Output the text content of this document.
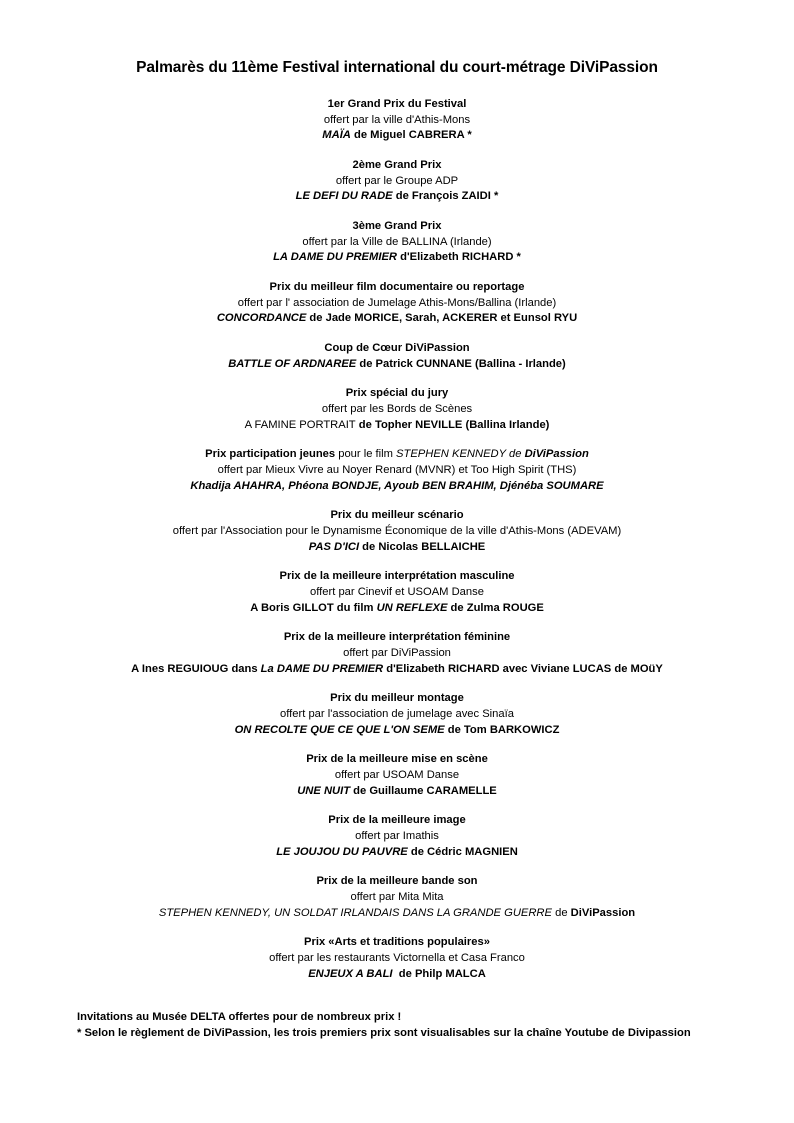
Palmarès du 11ème Festival international du court-métrage DiViPassion
1er Grand Prix du Festival
offert par la ville d'Athis-Mons
MAÏA de Miguel CABRERA *
2ème Grand Prix
offert par le Groupe ADP
LE DEFI DU RADE de François ZAIDI *
3ème Grand Prix
offert par la Ville de BALLINA (Irlande)
LA DAME DU PREMIER d'Elizabeth RICHARD *
Prix du meilleur film documentaire ou reportage
offert par l' association de Jumelage Athis-Mons/Ballina (Irlande)
CONCORDANCE de Jade MORICE, Sarah, ACKERER et Eunsol RYU
Coup de Cœur DiViPassion
BATTLE OF ARDNAREE de Patrick CUNNANE (Ballina - Irlande)
Prix spécial du jury
offert par les Bords de Scènes
A FAMINE PORTRAIT de Topher NEVILLE (Ballina Irlande)
Prix participation jeunes pour le film STEPHEN KENNEDY de DiViPassion
offert par Mieux Vivre au Noyer Renard (MVNR) et Too High Spirit (THS)
Khadija AHAHRA, Phéona BONDJE, Ayoub BEN BRAHIM, Djénéba SOUMARE
Prix du meilleur scénario
offert par l'Association pour le Dynamisme Économique de la ville d'Athis-Mons (ADEVAM)
PAS D'ICI de Nicolas BELLAICHE
Prix de la meilleure interprétation masculine
offert par Cinevif et USOAM Danse
A Boris GILLOT du film UN REFLEXE de Zulma ROUGE
Prix de la meilleure interprétation féminine
offert par DiViPassion
A Ines REGUIOUG dans La DAME DU PREMIER d'Elizabeth RICHARD avec Viviane LUCAS de MOüY
Prix du meilleur montage
offert par l'association de jumelage avec Sinaïa
ON RECOLTE QUE CE QUE L'ON SEME de Tom BARKOWICZ
Prix de la meilleure mise en scène
offert par USOAM Danse
UNE NUIT de Guillaume CARAMELLE
Prix de la meilleure image
offert par Imathis
LE JOUJOU DU PAUVRE de Cédric MAGNIEN
Prix de la meilleure bande son
offert par Mita Mita
STEPHEN KENNEDY, UN SOLDAT IRLANDAIS DANS LA GRANDE GUERRE de DiViPassion
Prix «Arts et traditions populaires»
offert par les restaurants Victornella et Casa Franco
ENJEUX A BALI  de Philp MALCA
Invitations au Musée DELTA offertes pour de nombreux prix !
* Selon le règlement de DiViPassion, les trois premiers prix sont visualisables sur la chaîne Youtube de Divipassion
